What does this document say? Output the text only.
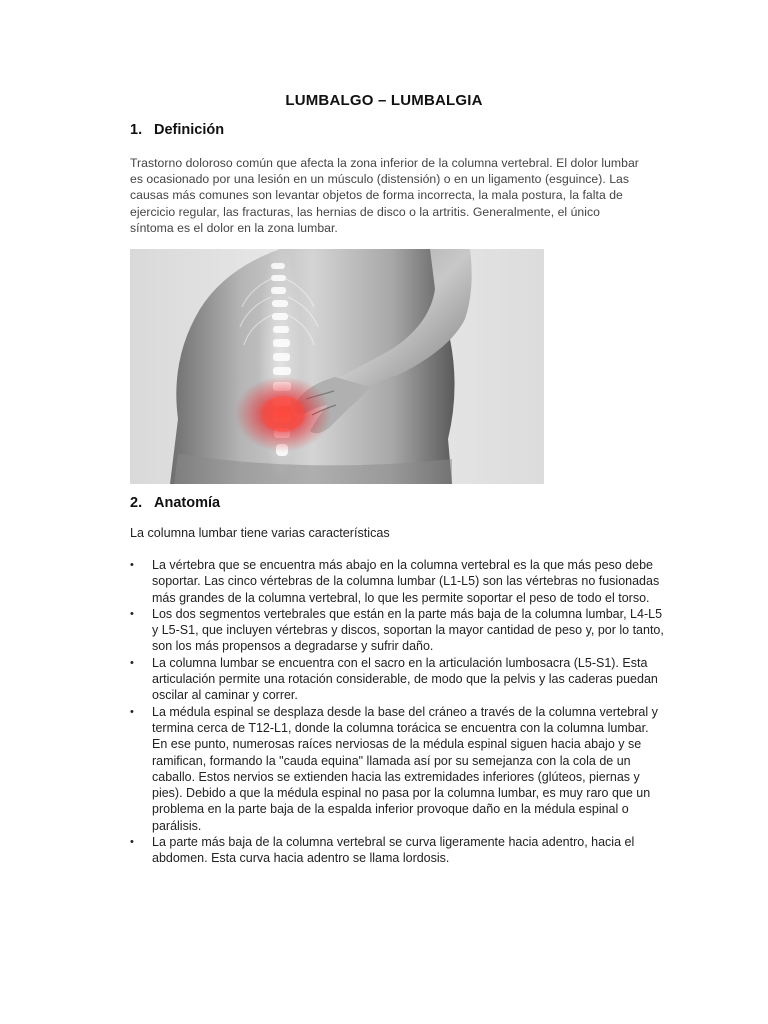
LUMBALGO – LUMBALGIA
1. Definición
Trastorno doloroso común que afecta la zona inferior de la columna vertebral. El dolor lumbar es ocasionado por una lesión en un músculo (distensión) o en un ligamento (esguince). Las causas más comunes son levantar objetos de forma incorrecta, la mala postura, la falta de ejercicio regular, las fracturas, las hernias de disco o la artritis. Generalmente, el único síntoma es el dolor en la zona lumbar.
2. Anatomía
La columna lumbar tiene varias características
• La vértebra que se encuentra más abajo en la columna vertebral es la que más peso debe soportar. Las cinco vértebras de la columna lumbar (L1-L5) son las vértebras no fusionadas más grandes de la columna vertebral, lo que les permite soportar el peso de todo el torso.
• Los dos segmentos vertebrales que están en la parte más baja de la columna lumbar, L4-L5 y L5-S1, que incluyen vértebras y discos, soportan la mayor cantidad de peso y, por lo tanto, son los más propensos a degradarse y sufrir daño.
• La columna lumbar se encuentra con el sacro en la articulación lumbosacra (L5-S1). Esta articulación permite una rotación considerable, de modo que la pelvis y las caderas puedan oscilar al caminar y correr.
• La médula espinal se desplaza desde la base del cráneo a través de la columna vertebral y termina cerca de T12-L1, donde la columna torácica se encuentra con la columna lumbar. En ese punto, numerosas raíces nerviosas de la médula espinal siguen hacia abajo y se ramifican, formando la "cauda equina" llamada así por su semejanza con la cola de un caballo. Estos nervios se extienden hacia las extremidades inferiores (glúteos, piernas y pies). Debido a que la médula espinal no pasa por la columna lumbar, es muy raro que un problema en la parte baja de la espalda inferior provoque daño en la médula espinal o parálisis.
• La parte más baja de la columna vertebral se curva ligeramente hacia adentro, hacia el abdomen. Esta curva hacia adentro se llama lordosis.
